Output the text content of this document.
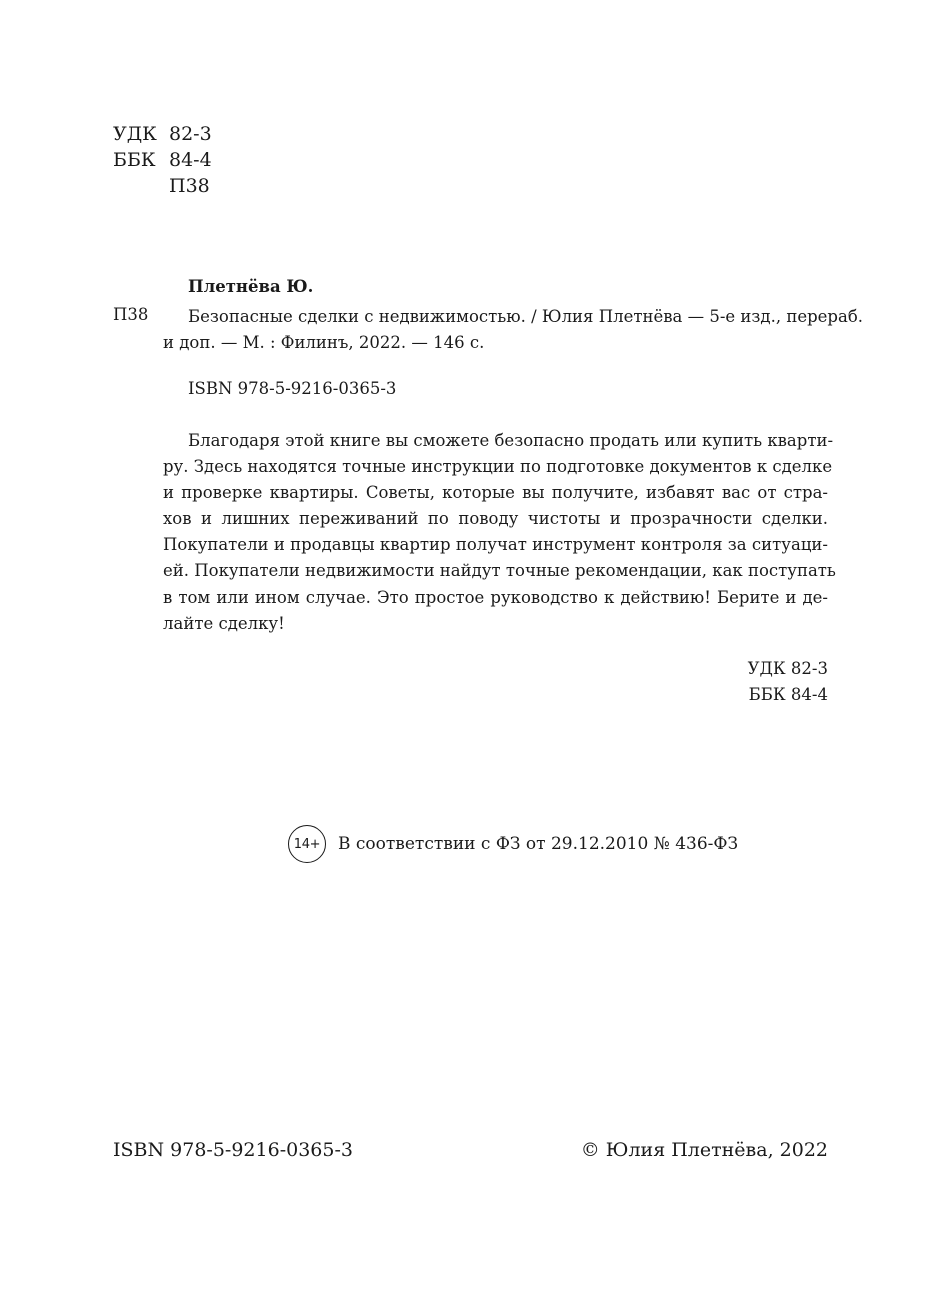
УДК 82-3
ББК 84-4
П38
Плетнёва Ю.
П38 Безопасные сделки с недвижимостью. / Юлия Плетнёва — 5-е изд., перераб.
и доп. — М. : Филинъ, 2022. — 146 с.
ISBN 978-5-9216-0365-3
Благодаря этой книге вы сможете безопасно продать или купить кварти-
ру. Здесь находятся точные инструкции по подготовке документов к сделке
и проверке квартиры. Советы, которые вы получите, избавят вас от стра-
хов и лишних переживаний по поводу чистоты и прозрачности сделки.
Покупатели и продавцы квартир получат инструмент контроля за ситуаци-
ей. Покупатели недвижимости найдут точные рекомендации, как поступать
в том или ином случае. Это простое руководство к действию! Берите и де-
лайте сделку!
УДК 82-3
ББК 84-4
14+	В соответствии с ФЗ от 29.12.2010 № 436-ФЗ
ISBN 978-5-9216-0365-3	© Юлия Плетнёва, 2022
